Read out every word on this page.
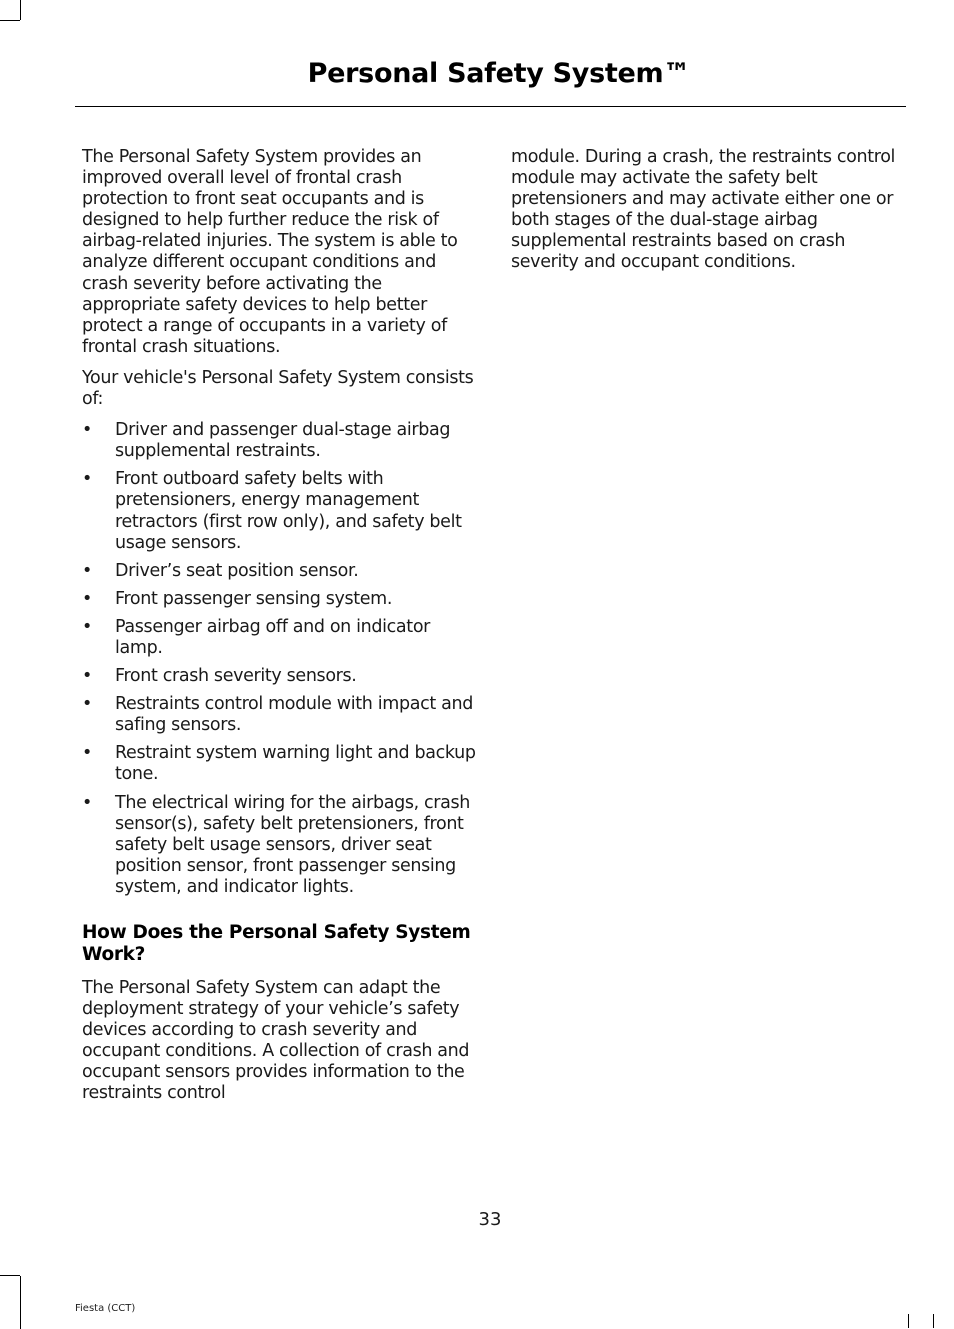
Personal Safety System™

The Personal Safety System provides an improved overall level of frontal crash protection to front seat occupants and is designed to help further reduce the risk of airbag-related injuries. The system is able to analyze different occupant conditions and crash severity before activating the appropriate safety devices to help better protect a range of occupants in a variety of frontal crash situations.

Your vehicle's Personal Safety System consists of:

• Driver and passenger dual-stage airbag supplemental restraints.
• Front outboard safety belts with pretensioners, energy management retractors (first row only), and safety belt usage sensors.
• Driver’s seat position sensor.
• Front passenger sensing system.
• Passenger airbag off and on indicator lamp.
• Front crash severity sensors.
• Restraints control module with impact and safing sensors.
• Restraint system warning light and backup tone.
• The electrical wiring for the airbags, crash sensor(s), safety belt pretensioners, front safety belt usage sensors, driver seat position sensor, front passenger sensing system, and indicator lights.
How Does the Personal Safety System Work?

The Personal Safety System can adapt the deployment strategy of your vehicle’s safety devices according to crash severity and occupant conditions. A collection of crash and occupant sensors provides information to the restraints control

module. During a crash, the restraints control module may activate the safety belt pretensioners and may activate either one or both stages of the dual-stage airbag supplemental restraints based on crash severity and occupant conditions.

33
Fiesta (CCT)
